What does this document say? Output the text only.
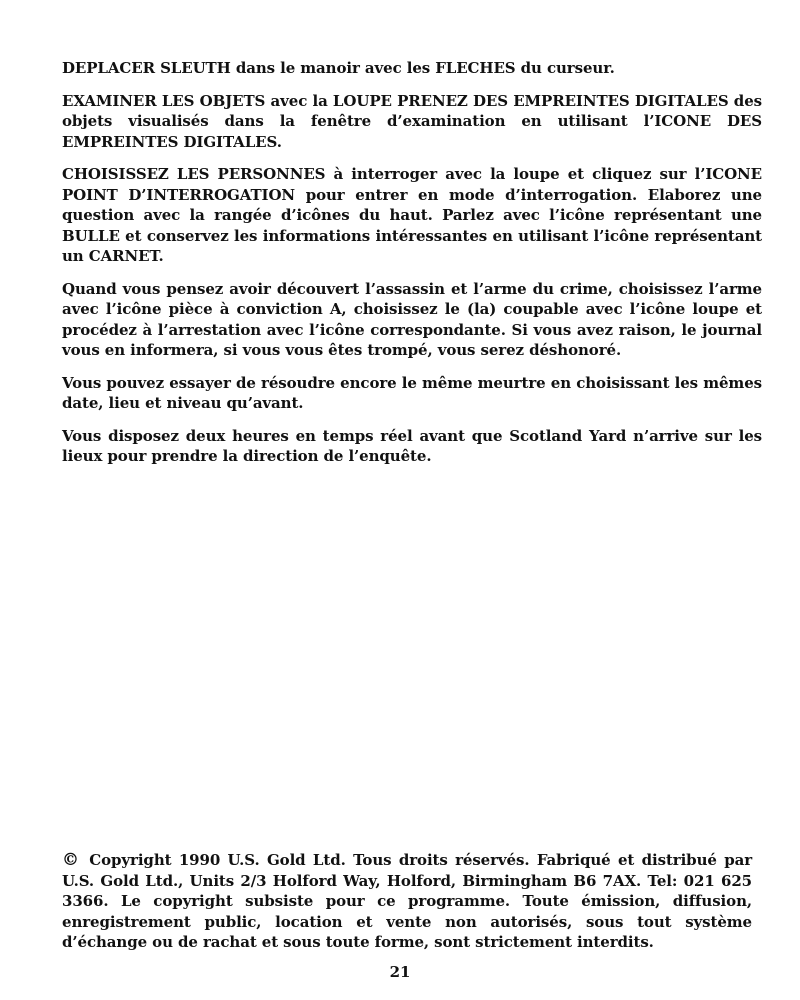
DEPLACER SLEUTH dans le manoir avec les FLECHES du curseur.

EXAMINER LES OBJETS avec la LOUPE PRENEZ DES EMPREINTES DIGITALES des objets visualisés dans la fenêtre d’examination en utilisant l’ICONE DES EMPREINTES DIGITALES.

CHOISISSEZ LES PERSONNES à interroger avec la loupe et cliquez sur l’ICONE POINT D’INTERROGATION pour entrer en mode d’interrogation. Elaborez une question avec la rangée d’icônes du haut. Parlez avec l’icône représentant une BULLE et conservez les informations intéressantes en utilisant l’icône représentant un CARNET.

Quand vous pensez avoir découvert l’assassin et l’arme du crime, choisissez l’arme avec l’icône pièce à conviction A, choisissez le (la) coupable avec l’icône loupe et procédez à l’arrestation avec l’icône correspondante. Si vous avez raison, le journal vous en informera, si vous vous êtes trompé, vous serez déshonoré.

Vous pouvez essayer de résoudre encore le même meurtre en choisissant les mêmes date, lieu et niveau qu’avant.

Vous disposez deux heures en temps réel avant que Scotland Yard n’arrive sur les lieux pour prendre la direction de l’enquête.

© Copyright 1990 U.S. Gold Ltd. Tous droits réservés. Fabriqué et distribué par U.S. Gold Ltd., Units 2/3 Holford Way, Holford, Birmingham B6 7AX. Tel: 021 625 3366. Le copyright subsiste pour ce programme. Toute émission, diffusion, enregistrement public, location et vente non autorisés, sous tout système d’échange ou de rachat et sous toute forme, sont strictement interdits.
21
